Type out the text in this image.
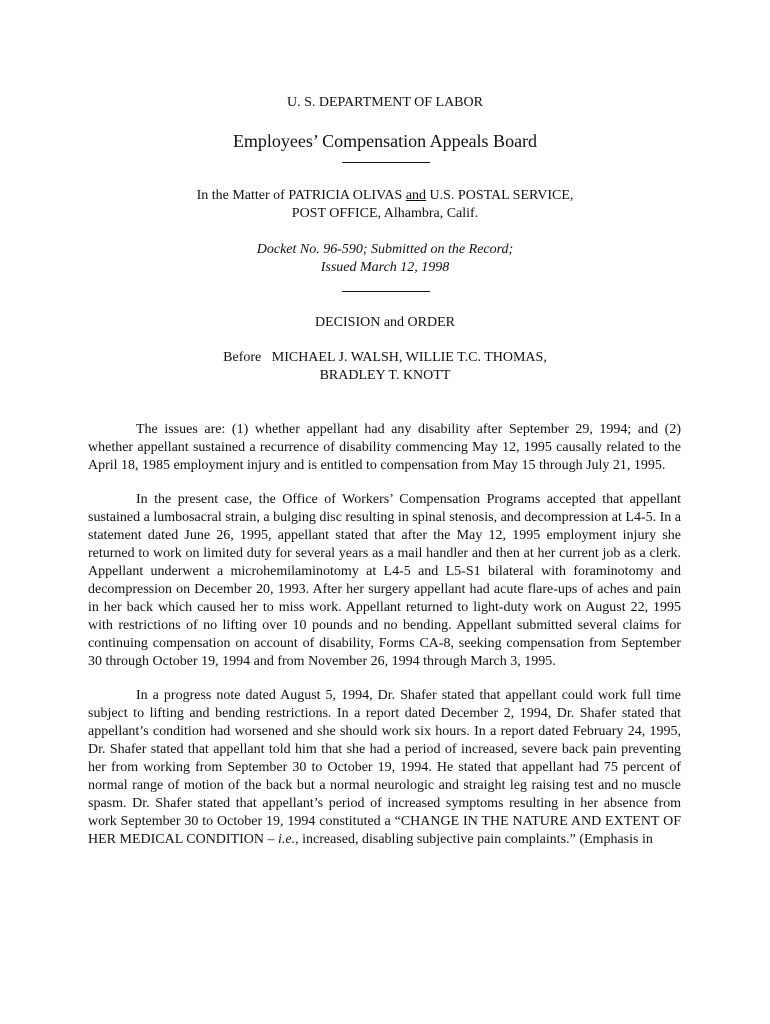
U. S. DEPARTMENT OF LABOR
Employees’ Compensation Appeals Board
In the Matter of PATRICIA OLIVAS and U.S. POSTAL SERVICE,
POST OFFICE, Alhambra, Calif.
Docket No. 96-590; Submitted on the Record;
Issued March 12, 1998
DECISION and ORDER
Before   MICHAEL J. WALSH, WILLIE T.C. THOMAS,
BRADLEY T. KNOTT

The issues are: (1) whether appellant had any disability after September 29, 1994; and (2) whether appellant sustained a recurrence of disability commencing May 12, 1995 causally related to the April 18, 1985 employment injury and is entitled to compensation from May 15 through July 21, 1995.

In the present case, the Office of Workers’ Compensation Programs accepted that appellant sustained a lumbosacral strain, a bulging disc resulting in spinal stenosis, and decompression at L4-5. In a statement dated June 26, 1995, appellant stated that after the May 12, 1995 employment injury she returned to work on limited duty for several years as a mail handler and then at her current job as a clerk. Appellant underwent a microhemilaminotomy at L4-5 and L5-S1 bilateral with foraminotomy and decompression on December 20, 1993. After her surgery appellant had acute flare-ups of aches and pain in her back which caused her to miss work. Appellant returned to light-duty work on August 22, 1995 with restrictions of no lifting over 10 pounds and no bending. Appellant submitted several claims for continuing compensation on account of disability, Forms CA-8, seeking compensation from September 30 through October 19, 1994 and from November 26, 1994 through March 3, 1995.

In a progress note dated August 5, 1994, Dr. Shafer stated that appellant could work full time subject to lifting and bending restrictions. In a report dated December 2, 1994, Dr. Shafer stated that appellant’s condition had worsened and she should work six hours. In a report dated February 24, 1995, Dr. Shafer stated that appellant told him that she had a period of increased, severe back pain preventing her from working from September 30 to October 19, 1994. He stated that appellant had 75 percent of normal range of motion of the back but a normal neurologic and straight leg raising test and no muscle spasm. Dr. Shafer stated that appellant’s period of increased symptoms resulting in her absence from work September 30 to October 19, 1994 constituted a “CHANGE IN THE NATURE AND EXTENT OF HER MEDICAL CONDITION – i.e., increased, disabling subjective pain complaints.” (Emphasis in
